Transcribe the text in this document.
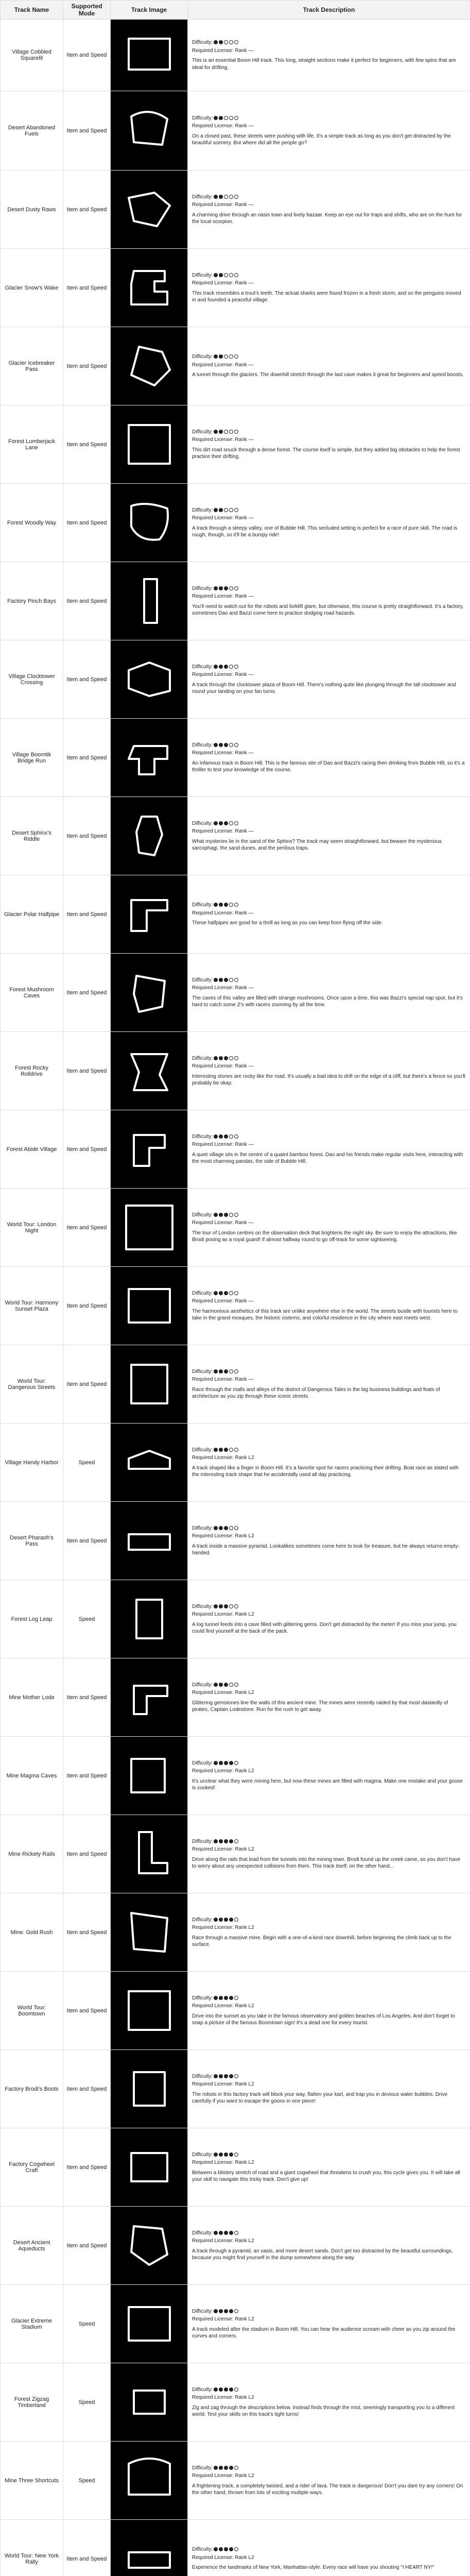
Track Name	Supported Mode	Track Image	Track Description
Village Cobbled Squarelit	Item and Speed		Difficulty:
Required License: Rank —
This is an essential Boom Hill track. This long, straight sections make it perfect for beginners, with few spins that are ideal for drifting.

Desert Abandoned Fuels	Item and Speed		Difficulty:
Required License: Rank —
On a closed past, these streets were pushing with life. It's a simple track as long as you don't get distracted by the beautiful scenery. But where did all the people go?

Desert Dusty Raws	Item and Speed		Difficulty:
Required License: Rank —
A charming drive through an oasis town and lively bazaar. Keep an eye out for traps and shifts, who are on the hunt for the local scorpion.

Glacier Snow's Wake	Item and Speed		Difficulty:
Required License: Rank —
This track resembles a trout's teeth. The actual sharks were found frozen in a fresh storm, and so the penguins moved in and founded a peaceful village.

Glacier Icebreaker Pass	Item and Speed		Difficulty:
Required License: Rank —
A tunnel through the glaciers. The downhill stretch through the last cave makes it great for beginners and speed boosts.

Forest Lumberjack Lane	Item and Speed		Difficulty:
Required License: Rank —
This dirt road snuck through a dense forest. The course itself is simple, but they added big obstacles to help the forest practice their drifting.

Forest Woodly Way	Item and Speed		Difficulty:
Required License: Rank —
A track through a sleepy valley, one of Bubble Hill. This secluded setting is perfect for a race of pure skill. The road is rough, though, so it'll be a bumpy ride!

Factory Pinch Bays	Item and Speed		Difficulty:
Required License: Rank —
You'll need to watch out for the robots and forklift glare, but otherwise, this course is pretty straightforward. It's a factory, sometimes Dao and Bazzi come here to practice dodging road hazards.

Village Clocktower Crossing	Item and Speed		Difficulty:
Required License: Rank —
A track through the clocktower plaza of Boom Hill. There's nothing quite like plunging through the tall clocktower and round your landing on your fan turns.

Village Boomtik Bridge Run	Item and Speed		Difficulty:
Required License: Rank —
An infamous track in Boom Hill. This is the famous site of Dao and Bazzi's racing then drinking from Bubble Hill, so it's a thriller to test your knowledge of the course.

Desert Sphinx's Riddle	Item and Speed		Difficulty:
Required License: Rank —
What mysteries lie in the sand of the Sphinx? The track may seem straightforward, but beware the mysterious sarcophagi, the sand dunes, and the perilous traps.

Glacier Polar Halfpipe	Item and Speed		Difficulty:
Required License: Rank —
These halfpipes are good for a thrill as long as you can keep from flying off the side.

Forest Mushroom Caves	Item and Speed		Difficulty:
Required License: Rank —
The caves of this valley are filled with strange mushrooms. Once upon a time, this was Bazzi's special nap spot, but it's hard to catch some Z's with racers zooming by all the time.

Forest Rocky Rolldrive	Item and Speed		Difficulty:
Required License: Rank —
Interesting stones are rocky like the road. It's usually a bad idea to drift on the edge of a cliff, but there's a fence so you'll probably be okay.

Forest Abide Village	Item and Speed		Difficulty:
Required License: Rank —
A quiet village sits in the centre of a quaint bamboo forest. Dao and his friends make regular visits here, interacting with the most charming pandas, the side of Bubble Hill.

World Tour: London Night	Item and Speed		Difficulty:
Required License: Rank —
The tour of London centres on the observation deck that brightens the night sky. Be sure to enjoy the attractions, like Brodi posing as a royal guard! If almost halfway round to go off-track for some sightseeing.

World Tour: Harmony Sunset Plaza	Item and Speed		Difficulty:
Required License: Rank —
The harmonious aesthetics of this track are unlike anywhere else in the world. The streets bustle with tourists here to take in the grand mosques, the historic cisterns, and colorful residence in the city where east meets west.

World Tour: Dangerous Streets	Item and Speed		Difficulty:
Required License: Rank —
Race through the malls and alleys of the district of Dangerous Tales in the big business buildings and feats of architecture as you zip through these iconic streets.

Village Handy Harbor	Speed		Difficulty:
Required License: Rank L2
A track shaped like a finger in Boom Hill. It's a favorite spot for racers practicing their drifting. Boat race as stated with the interesting track shape that he accidentally used all day practicing.

Desert Pharaoh's Pass	Item and Speed		Difficulty:
Required License: Rank L2
A track inside a massive pyramid. Lookalikes sometimes come here to look for treasure, but he always returns empty-handed.

Forest Log Leap	Speed		Difficulty:
Required License: Rank L2
A log tunnel feeds into a cave filled with glittering gems. Don't get distracted by the meter! If you miss your jump, you could find yourself at the back of the pack.

Mine Mother Lode	Item and Speed		Difficulty:
Required License: Rank L2
Glittering gemstones line the walls of this ancient mine. The mines were recently raided by that most dastardly of pirates, Captain Lodestone. Run for the rush to get away.

Mine Magma Caves	Item and Speed		Difficulty:
Required License: Rank L2
It's unclear what they were mining here, but now these mines are filled with magma. Make one mistake and your goose is cooked!

Mine Rickety Rails	Item and Speed		Difficulty:
Required License: Rank L2
Drive along the rails that lead from the tunnels into the mining town. Brodi found up the creek came, so you don't have to worry about any unexpected collisions from them. This track itself, on the other hand...

Mine: Gold Rush	Item and Speed		Difficulty:
Required License: Rank L2
Race through a massive mine. Begin with a one-of-a-kind race downhill, before beginning the climb back up to the surface.

World Tour: Boomtown	Item and Speed		Difficulty:
Required License: Rank L2
Drive into the sunset as you take in the famous observatory and golden beaches of Los Angeles. And don't forget to snap a picture of the famous Boomtown sign! It's a dead one for every tourist.

Factory Brodi's Boots	Item and Speed		Difficulty:
Required License: Rank L2
The robots in this factory track will block your way, flatten your kart, and trap you in devious water bubbles. Drive carefully if you want to escape the goons in one piece!

Factory Cogwheel Craft	Item and Speed		Difficulty:
Required License: Rank L2
Between a blistery stretch of road and a giant cogwheel that threatens to crush you, this cycle gives you. It will take all your skill to navigate this tricky track. Don't give up!

Desert Ancient Aqueducts	Item and Speed		Difficulty:
Required License: Rank L2
A track through a pyramid, an oasis, and more desert sands. Don't get too distracted by the beautiful surroundings, because you might find yourself in the dump somewhere along the way.

Glacier Extreme Stadium	Speed		Difficulty:
Required License: Rank L2
A track modeled after the stadium in Boom Hill. You can hear the audience scream with cheer as you zip around the curves and corners.

Forest Zigzag Timberland	Speed		Difficulty:
Required License: Rank L2
Zig and zag through the descriptions below. Instead finds through the mist, seemingly transporting you to a different world. Test your skills on this track's tight turns!

Mine Three Shortcuts	Speed		Difficulty:
Required License: Rank L2
A frightening track, a completely twisted, and a rider of lava. The track is dangerous! Don't you dare try any corners! On the other hand, thrown from lots of exciting multiple ways.

World Tour: New York Rally	Item and Speed		Difficulty:
Required License: Rank L2
Experience the landmarks of New York, Manhattan-style. Every race will have you shouting "I HEART NY!"
